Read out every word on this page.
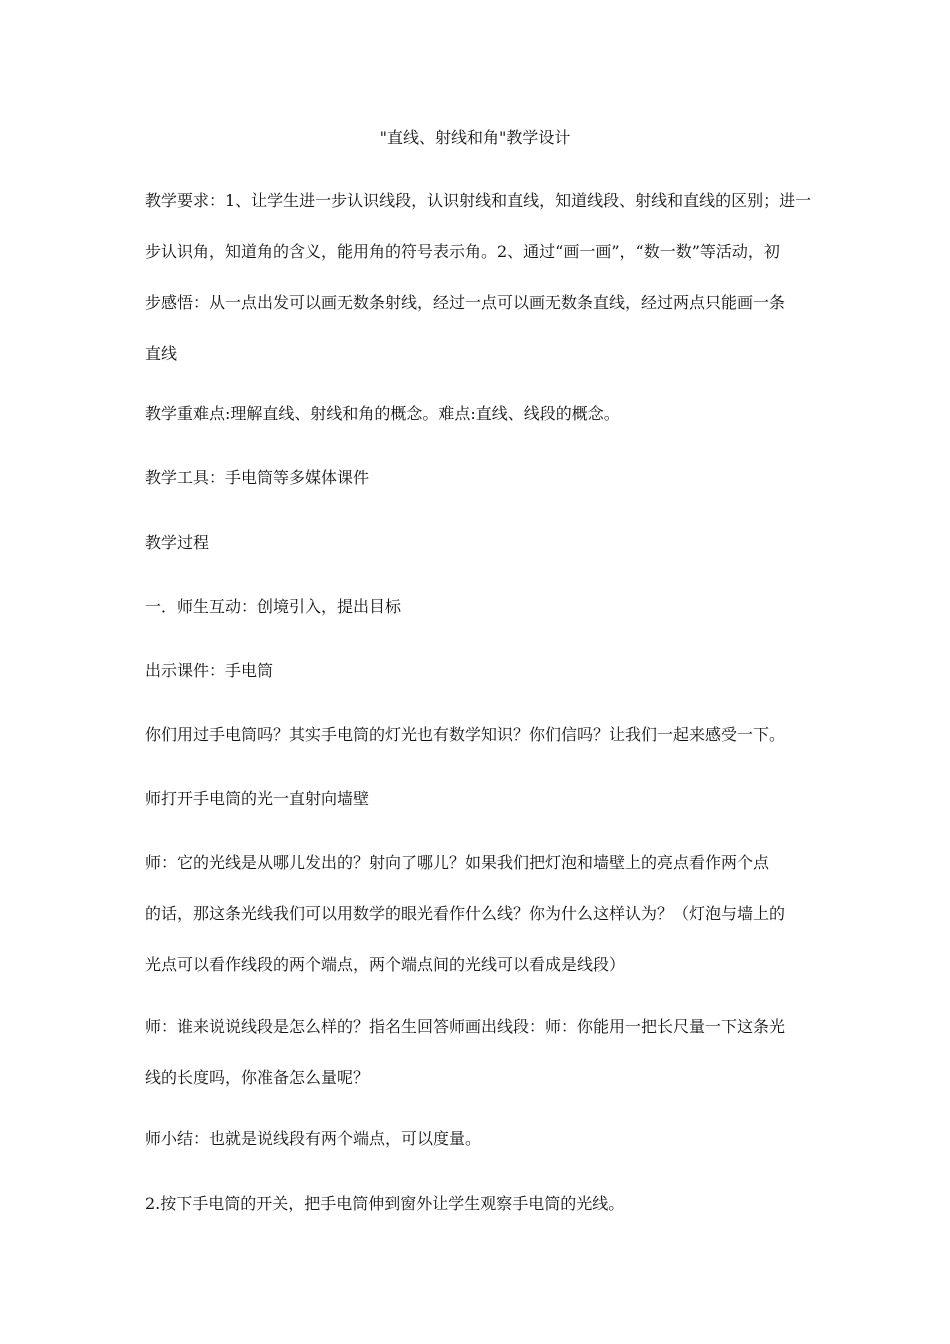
"直线、射线和角"教学设计
教学要求：1、让学生进一步认识线段，认识射线和直线，知道线段、射线和直线的区别；进一
步认识角，知道角的含义，能用角的符号表示角。2、通过“画一画”，“数一数”等活动，初
步感悟：从一点出发可以画无数条射线，经过一点可以画无数条直线，经过两点只能画一条
直线
教学重难点:理解直线、射线和角的概念。难点:直线、线段的概念。
教学工具：手电筒等多媒体课件
教学过程
一．师生互动：创境引入，提出目标
出示课件：手电筒
你们用过手电筒吗？其实手电筒的灯光也有数学知识？你们信吗？让我们一起来感受一下。
师打开手电筒的光一直射向墙壁
师：它的光线是从哪儿发出的？射向了哪儿？如果我们把灯泡和墙壁上的亮点看作两个点
的话，那这条光线我们可以用数学的眼光看作什么线？你为什么这样认为？（灯泡与墙上的
光点可以看作线段的两个端点，两个端点间的光线可以看成是线段）
师：谁来说说线段是怎么样的？指名生回答师画出线段：师：你能用一把长尺量一下这条光
线的长度吗，你准备怎么量呢？
师小结：也就是说线段有两个端点，可以度量。
2.按下手电筒的开关，把手电筒伸到窗外让学生观察手电筒的光线。
